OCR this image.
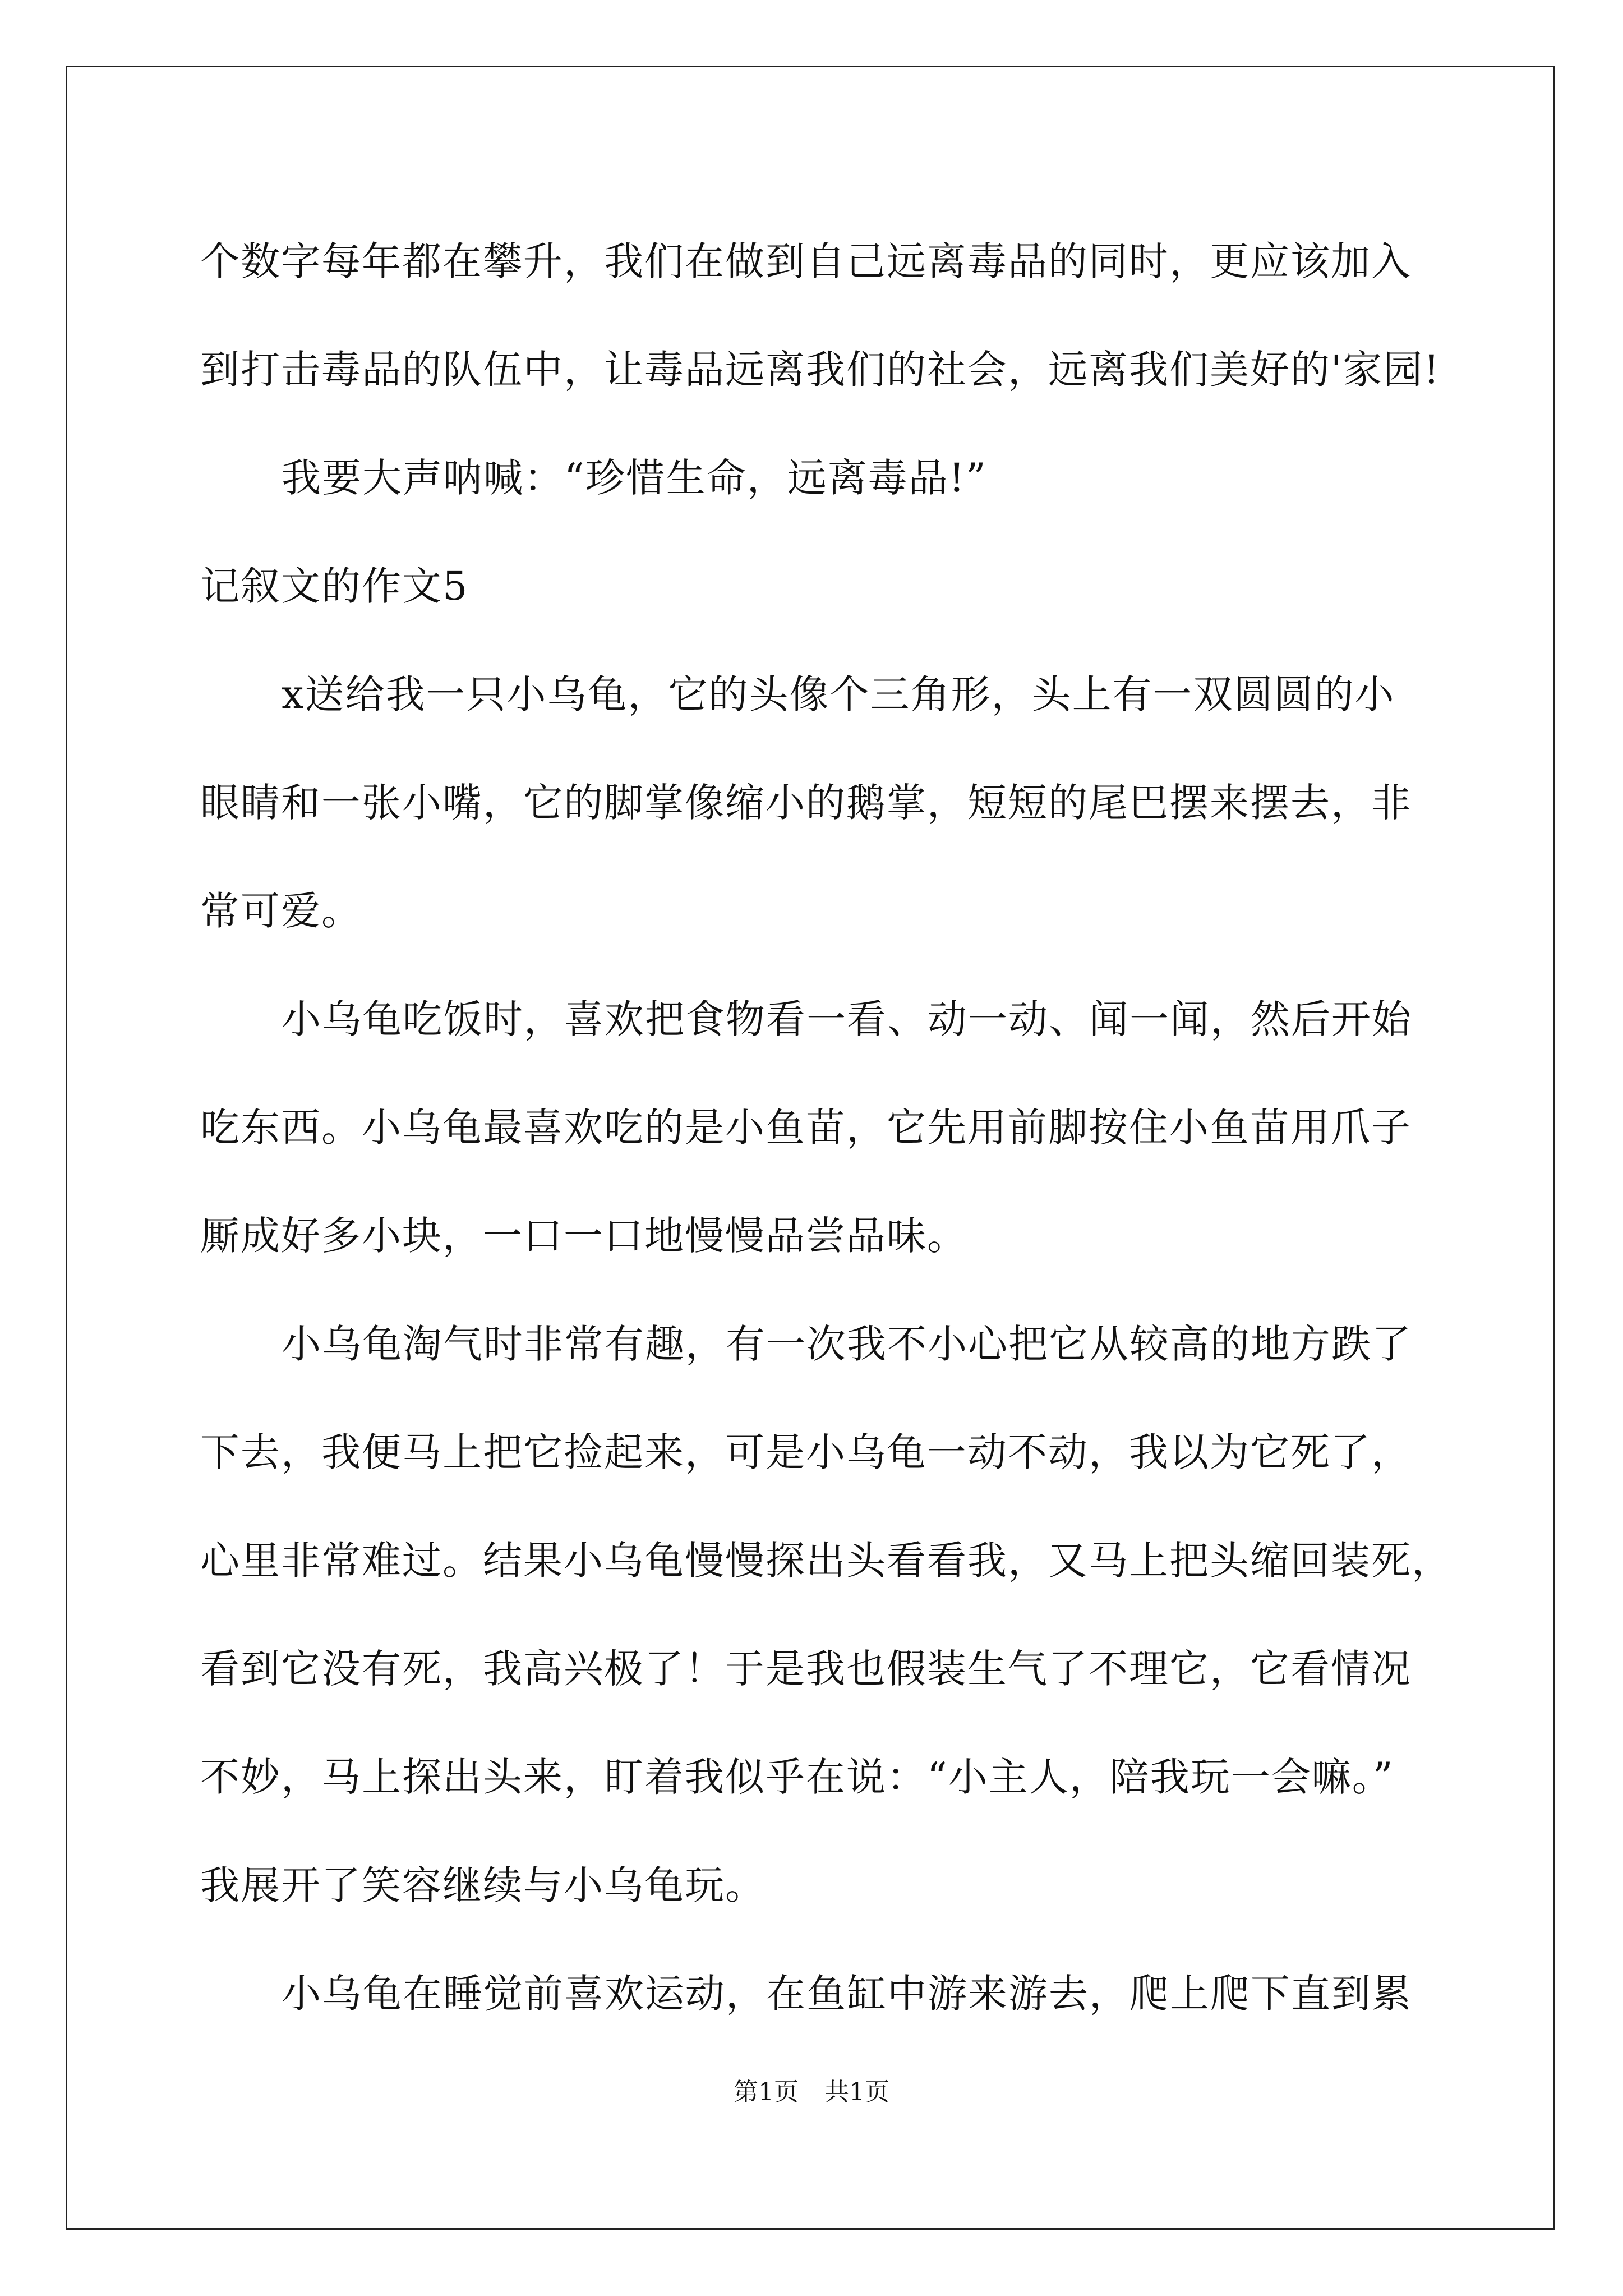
个数字每年都在攀升，我们在做到自己远离毒品的同时，更应该加入
到打击毒品的队伍中，让毒品远离我们的社会，远离我们美好的'家园!
我要大声呐喊：“珍惜生命，远离毒品!”
记叙文的作文5
x送给我一只小乌龟，它的头像个三角形，头上有一双圆圆的小
眼睛和一张小嘴，它的脚掌像缩小的鹅掌，短短的尾巴摆来摆去，非
常可爱。
小乌龟吃饭时，喜欢把食物看一看、动一动、闻一闻，然后开始
吃东西。小乌龟最喜欢吃的是小鱼苗，它先用前脚按住小鱼苗用爪子
厮成好多小块，一口一口地慢慢品尝品味。
小乌龟淘气时非常有趣，有一次我不小心把它从较高的地方跌了
下去，我便马上把它捡起来，可是小乌龟一动不动，我以为它死了，
心里非常难过。结果小乌龟慢慢探出头看看我，又马上把头缩回装死，
看到它没有死，我高兴极了！于是我也假装生气了不理它，它看情况
不妙，马上探出头来，盯着我似乎在说：“小主人，陪我玩一会嘛。”
我展开了笑容继续与小乌龟玩。
小乌龟在睡觉前喜欢运动，在鱼缸中游来游去，爬上爬下直到累
第1页 共1页
